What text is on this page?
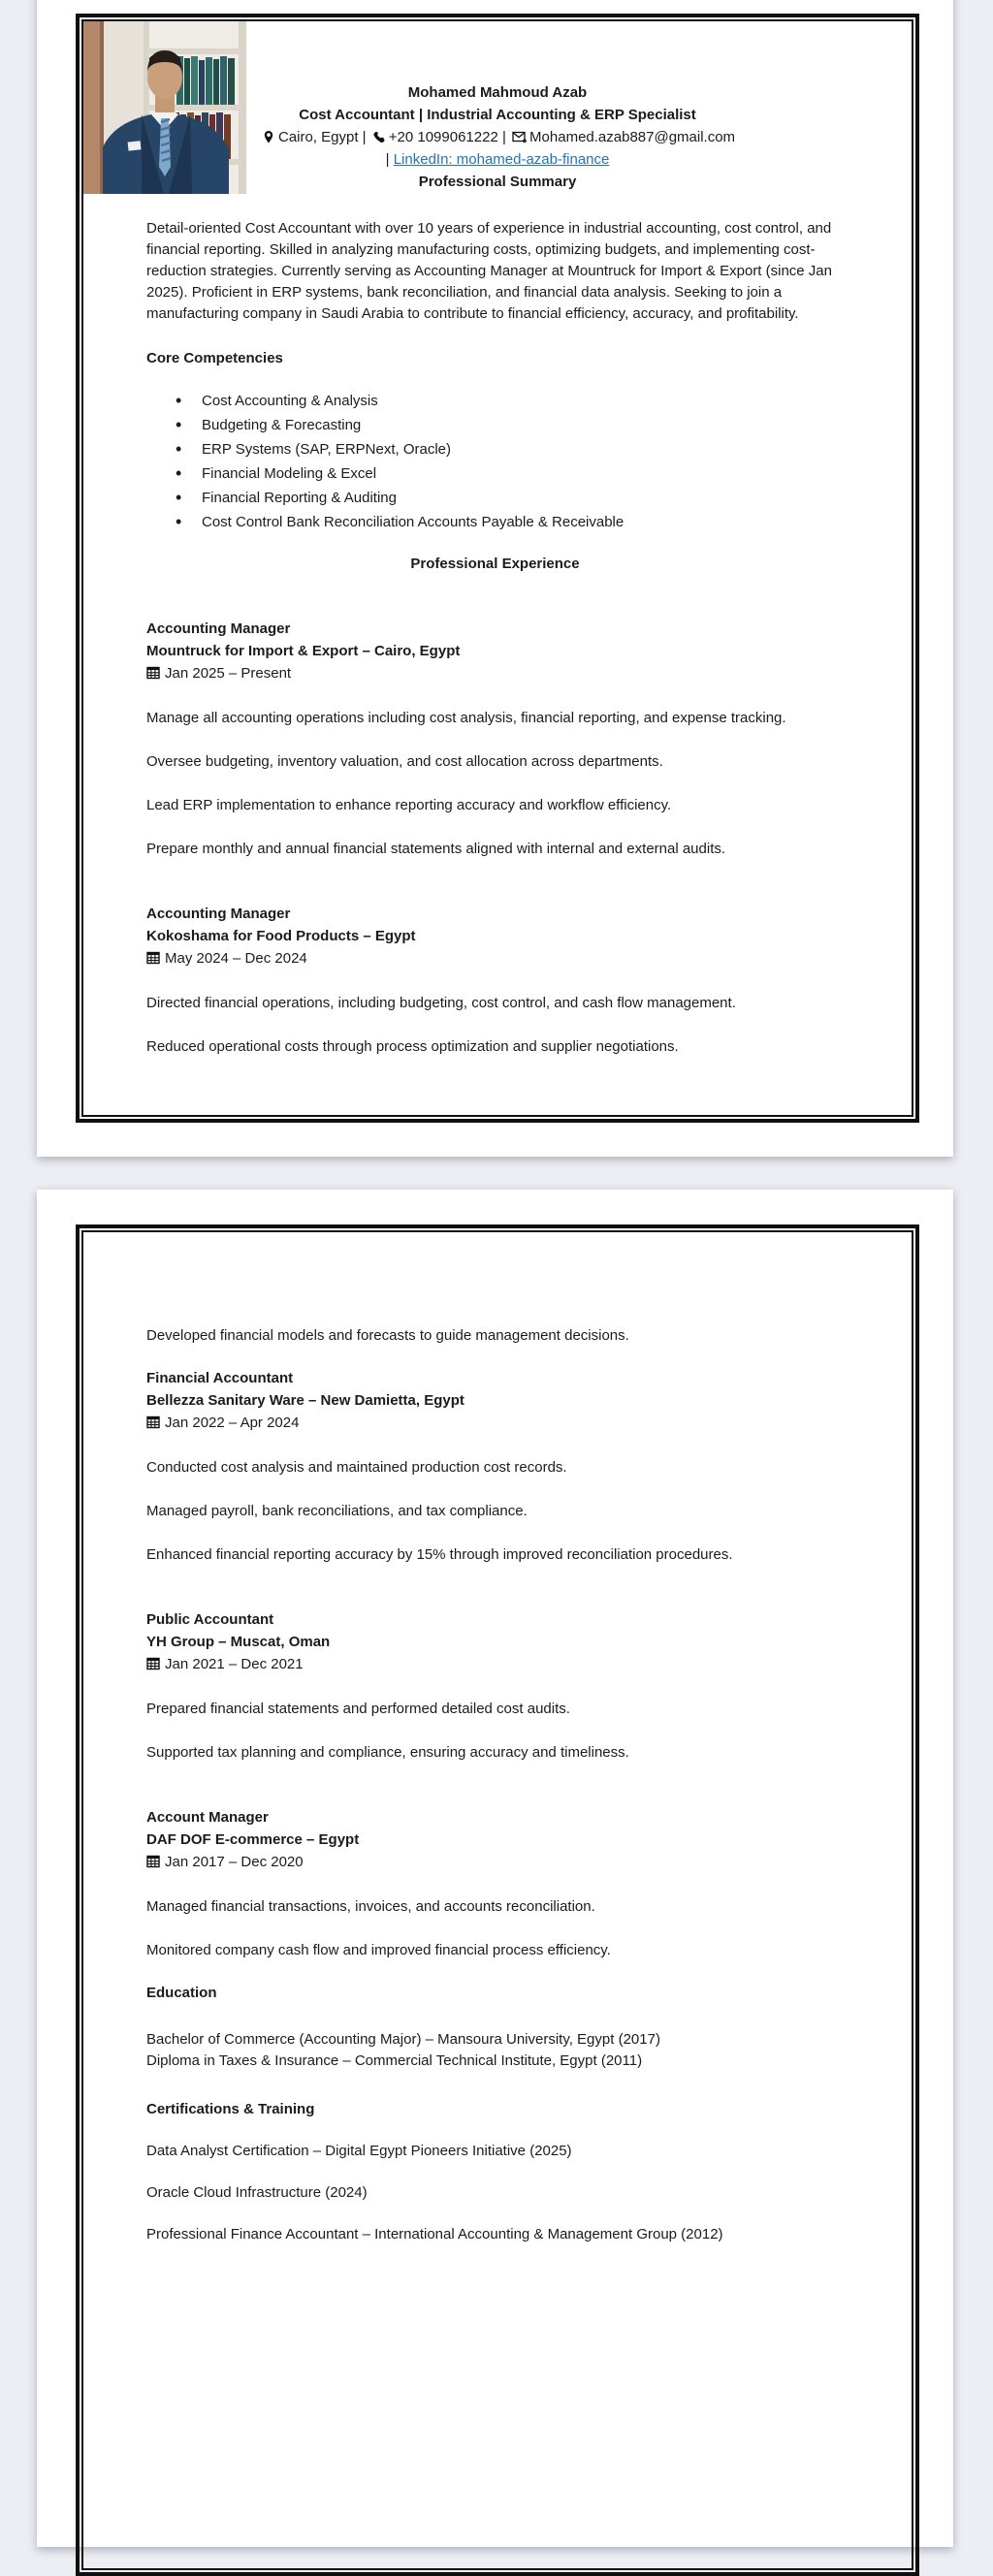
Mohamed Mahmoud Azab
Cost Accountant | Industrial Accounting & ERP Specialist
Cairo, Egypt | +20 1099061222 | Mohamed.azab887@gmail.com
| LinkedIn: mohamed-azab-finance
Professional Summary

Detail-oriented Cost Accountant with over 10 years of experience in industrial accounting, cost control, and financial reporting. Skilled in analyzing manufacturing costs, optimizing budgets, and implementing cost-reduction strategies. Currently serving as Accounting Manager at Mountruck for Import & Export (since Jan 2025). Proficient in ERP systems, bank reconciliation, and financial data analysis. Seeking to join a manufacturing company in Saudi Arabia to contribute to financial efficiency, accuracy, and profitability.

Core Competencies
• Cost Accounting & Analysis
• Budgeting & Forecasting
• ERP Systems (SAP, ERPNext, Oracle)
• Financial Modeling & Excel
• Financial Reporting & Auditing
• Cost Control Bank Reconciliation Accounts Payable & Receivable
Professional Experience
Accounting Manager
Mountruck for Import & Export – Cairo, Egypt
Jan 2025 – Present

Manage all accounting operations including cost analysis, financial reporting, and expense tracking.

Oversee budgeting, inventory valuation, and cost allocation across departments.

Lead ERP implementation to enhance reporting accuracy and workflow efficiency.

Prepare monthly and annual financial statements aligned with internal and external audits.

Accounting Manager
Kokoshama for Food Products – Egypt
May 2024 – Dec 2024

Directed financial operations, including budgeting, cost control, and cash flow management.

Reduced operational costs through process optimization and supplier negotiations.

Developed financial models and forecasts to guide management decisions.

Financial Accountant
Bellezza Sanitary Ware – New Damietta, Egypt
Jan 2022 – Apr 2024

Conducted cost analysis and maintained production cost records.

Managed payroll, bank reconciliations, and tax compliance.

Enhanced financial reporting accuracy by 15% through improved reconciliation procedures.

Public Accountant
YH Group – Muscat, Oman
Jan 2021 – Dec 2021

Prepared financial statements and performed detailed cost audits.

Supported tax planning and compliance, ensuring accuracy and timeliness.

Account Manager
DAF DOF E-commerce – Egypt
Jan 2017 – Dec 2020

Managed financial transactions, invoices, and accounts reconciliation.

Monitored company cash flow and improved financial process efficiency.

Education
Bachelor of Commerce (Accounting Major) – Mansoura University, Egypt (2017)
Diploma in Taxes & Insurance – Commercial Technical Institute, Egypt (2011)
Certifications & Training

Data Analyst Certification – Digital Egypt Pioneers Initiative (2025)

Oracle Cloud Infrastructure (2024)

Professional Finance Accountant – International Accounting & Management Group (2012)
